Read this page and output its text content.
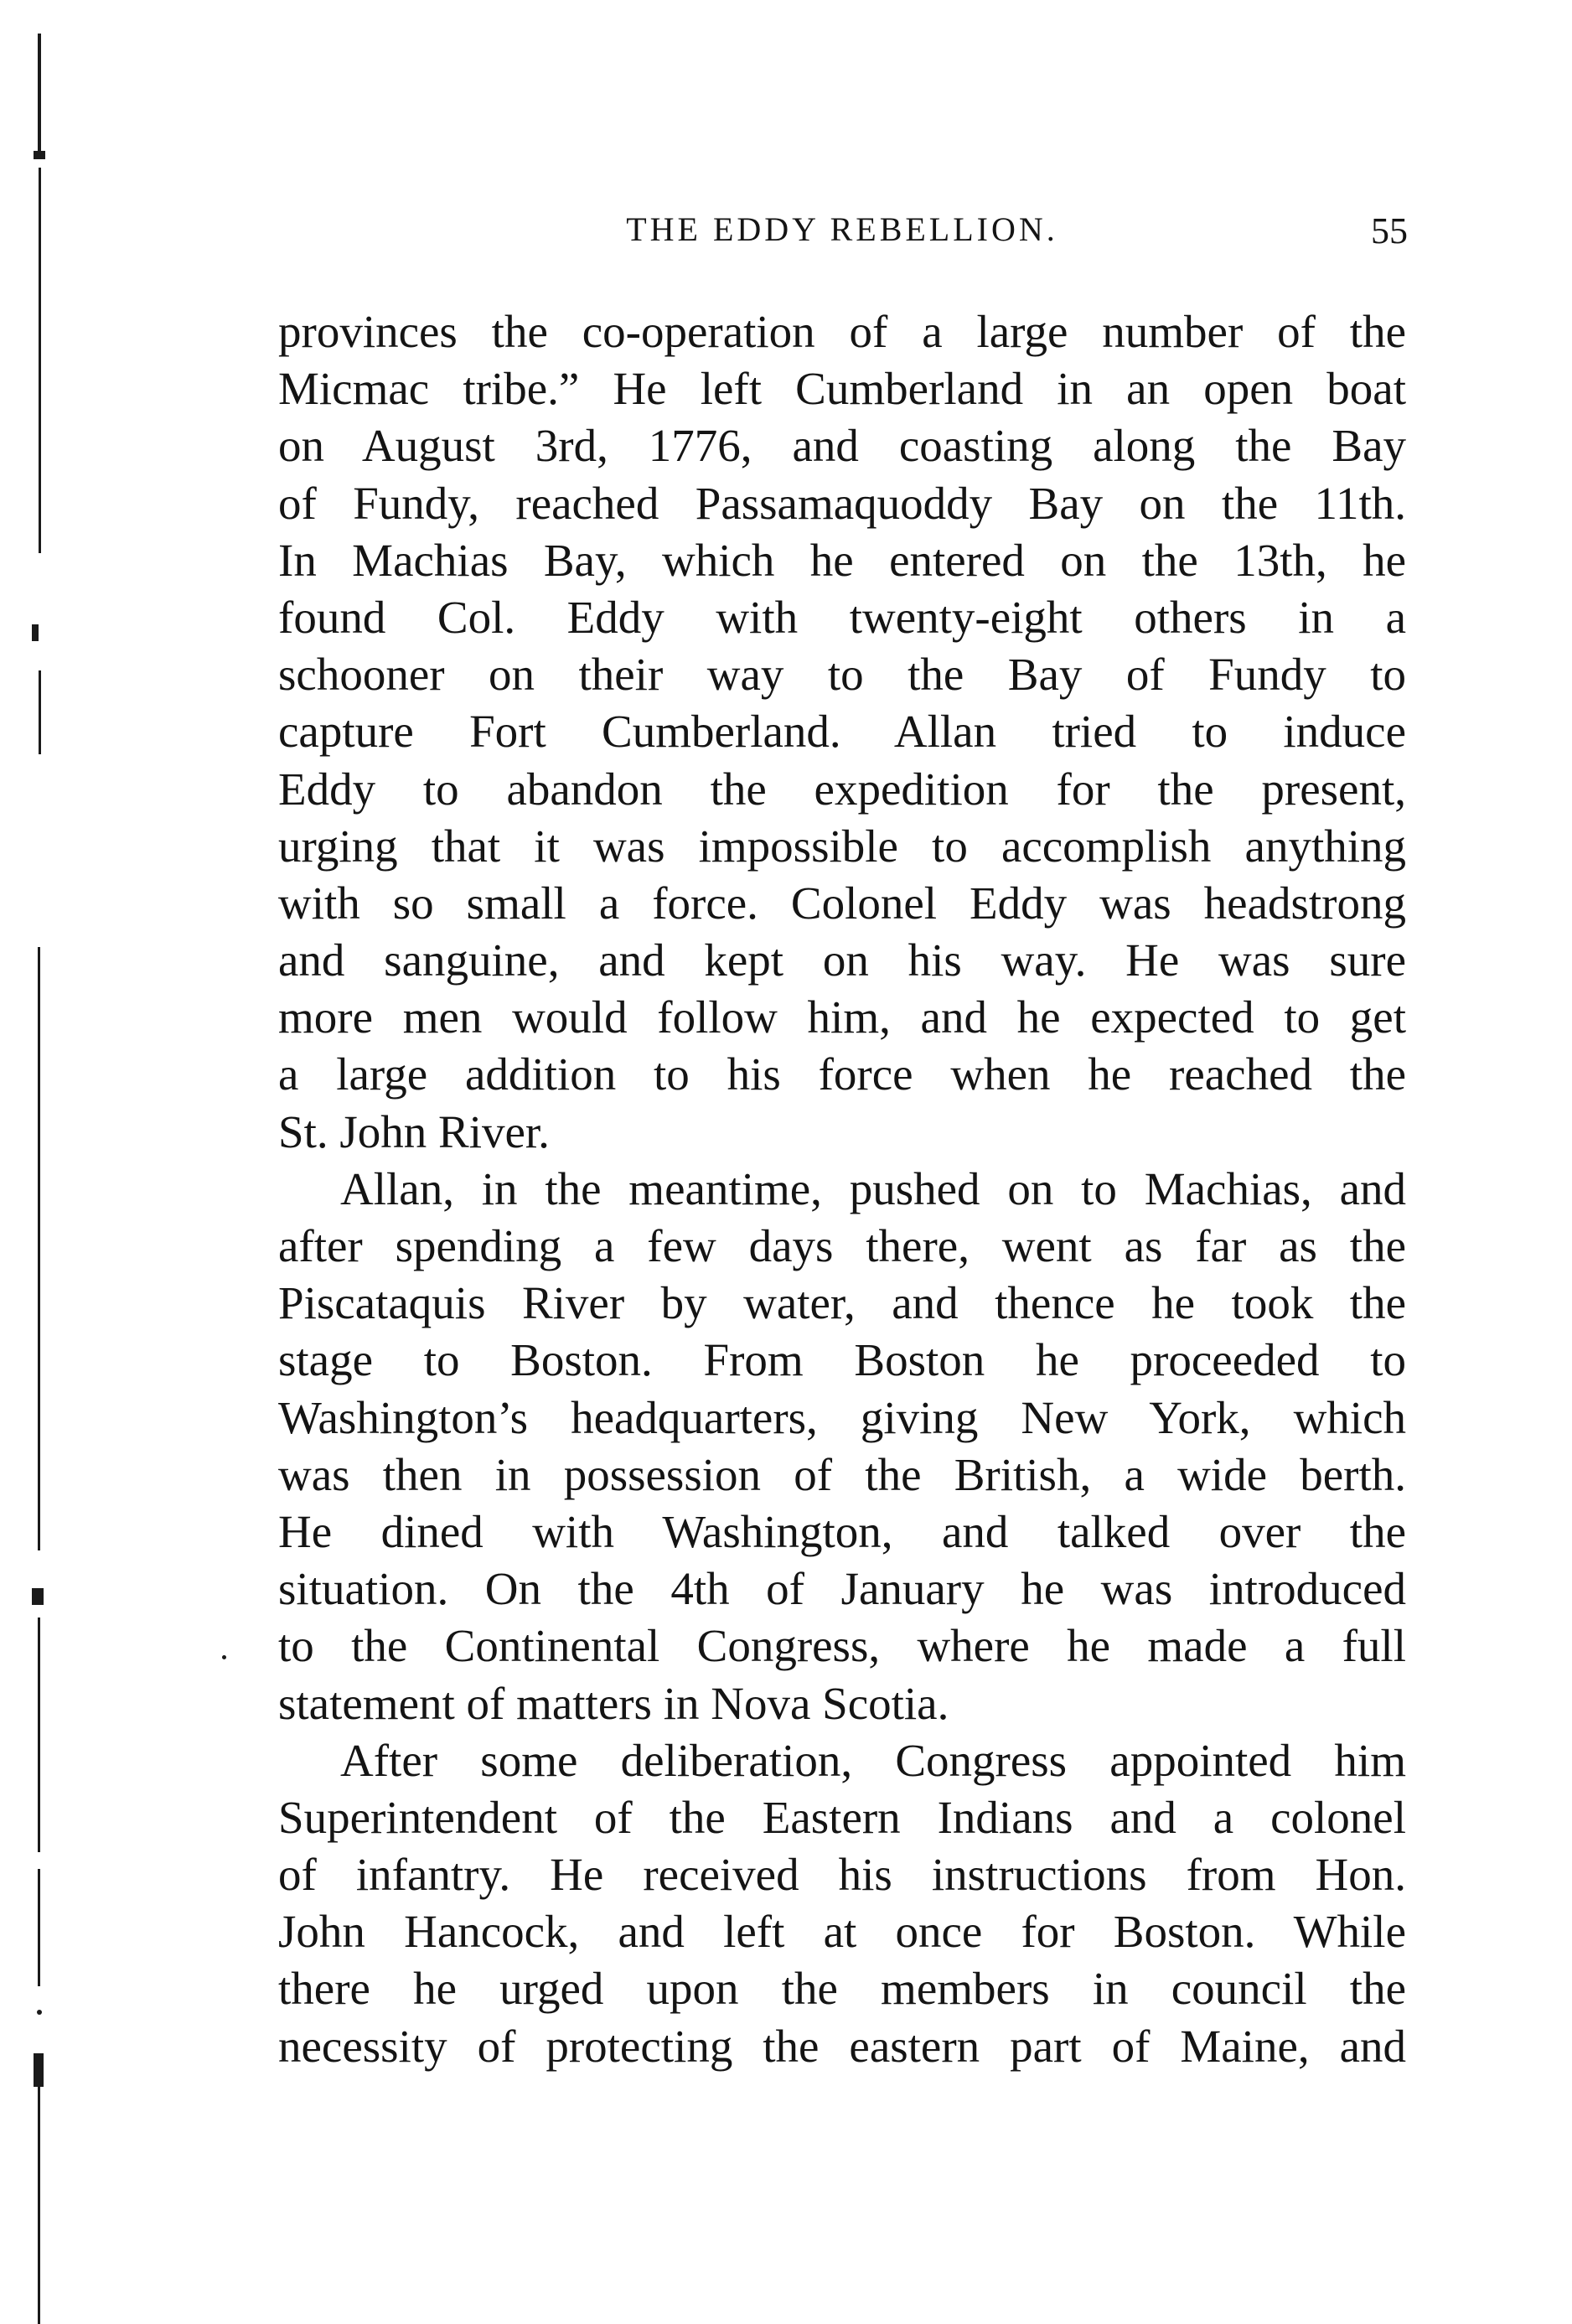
THE EDDY REBELLION.	55
provinces the co-operation of a large number of the
Micmac tribe.” He left Cumberland in an open boat
on August 3rd, 1776, and coasting along the Bay
of Fundy, reached Passamaquoddy Bay on the 11th.
In Machias Bay, which he entered on the 13th, he
found Col. Eddy with twenty-eight others in a
schooner on their way to the Bay of Fundy to
capture Fort Cumberland. Allan tried to induce
Eddy to abandon the expedition for the present,
urging that it was impossible to accomplish anything
with so small a force. Colonel Eddy was headstrong
and sanguine, and kept on his way. He was sure
more men would follow him, and he expected to get
a large addition to his force when he reached the
St. John River.
Allan, in the meantime, pushed on to Machias, and
after spending a few days there, went as far as the
Piscataquis River by water, and thence he took the
stage to Boston. From Boston he proceeded to
Washington’s headquarters, giving New York, which
was then in possession of the British, a wide berth.
He dined with Washington, and talked over the
situation. On the 4th of January he was introduced
to the Continental Congress, where he made a full
statement of matters in Nova Scotia.
After some deliberation, Congress appointed him
Superintendent of the Eastern Indians and a colonel
of infantry. He received his instructions from Hon.
John Hancock, and left at once for Boston. While
there he urged upon the members in council the
necessity of protecting the eastern part of Maine, and
